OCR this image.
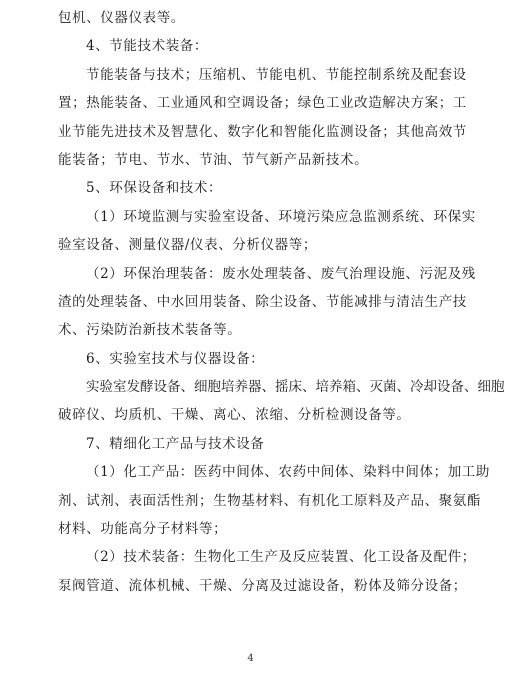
包机、仪器仪表等。
4、节能技术装备：
节能装备与技术；压缩机、节能电机、节能控制系统及配套设
置；热能装备、工业通风和空调设备；绿色工业改造解决方案；工
业节能先进技术及智慧化、数字化和智能化监测设备；其他高效节
能装备；节电、节水、节油、节气新产品新技术。
5、环保设备和技术：
（1）环境监测与实验室设备、环境污染应急监测系统、环保实
验室设备、测量仪器/仪表、分析仪器等；
（2）环保治理装备：废水处理装备、废气治理设施、污泥及残
渣的处理装备、中水回用装备、除尘设备、节能减排与清洁生产技
术、污染防治新技术装备等。
6、实验室技术与仪器设备：
实验室发酵设备、细胞培养器、摇床、培养箱、灭菌、冷却设备、细胞
破碎仪、均质机、干燥、离心、浓缩、分析检测设备等。
7、精细化工产品与技术设备
（1）化工产品：医药中间体、农药中间体、染料中间体；加工助
剂、试剂、表面活性剂；生物基材料、有机化工原料及产品、聚氨酯
材料、功能高分子材料等；
（2）技术装备：生物化工生产及反应装置、化工设备及配件；
泵阀管道、流体机械、干燥、分离及过滤设备，粉体及筛分设备；
4
